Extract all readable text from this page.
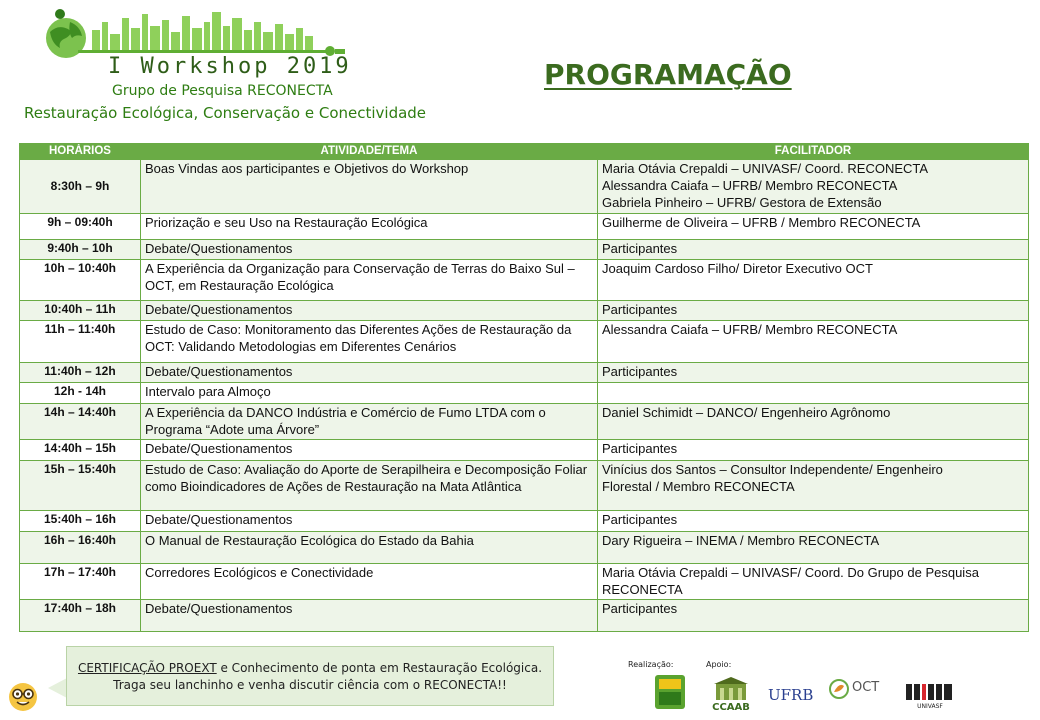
I Workshop 2019
Grupo de Pesquisa RECONECTA
Restauração Ecológica, Conservação e Conectividade
PROGRAMAÇÃO
HORÁRIOS	ATIVIDADE/TEMA	FACILITADOR
8:30h – 9h	Boas Vindas aos participantes e Objetivos do Workshop	Maria Otávia Crepaldi – UNIVASF/ Coord. RECONECTA
Alessandra Caiafa – UFRB/ Membro RECONECTA
Gabriela Pinheiro – UFRB/ Gestora de Extensão

9h – 09:40h	Priorização e seu Uso na Restauração Ecológica	Guilherme de Oliveira – UFRB / Membro RECONECTA

9:40h – 10h	Debate/Questionamentos	Participantes

10h – 10:40h	A Experiência da Organização para Conservação de Terras do Baixo Sul – OCT, em Restauração Ecológica	Joaquim Cardoso Filho/ Diretor Executivo OCT

10:40h – 11h	Debate/Questionamentos	Participantes

11h – 11:40h	Estudo de Caso: Monitoramento das Diferentes Ações de Restauração da OCT: Validando Metodologias em Diferentes Cenários	Alessandra Caiafa – UFRB/ Membro RECONECTA

11:40h – 12h	Debate/Questionamentos	Participantes

12h - 14h	Intervalo para Almoço	

14h – 14:40h	A Experiência da DANCO Indústria e Comércio de Fumo LTDA com o Programa “Adote uma Árvore”	Daniel Schimidt – DANCO/ Engenheiro Agrônomo

14:40h – 15h	Debate/Questionamentos	Participantes

15h – 15:40h	Estudo de Caso: Avaliação do Aporte de Serapilheira e Decomposição Foliar como Bioindicadores de Ações de Restauração na Mata Atlântica	Vinícius dos Santos – Consultor Independente/ Engenheiro
Florestal / Membro RECONECTA

15:40h – 16h	Debate/Questionamentos	Participantes

16h – 16:40h	O Manual de Restauração Ecológica do Estado da Bahia	Dary Rigueira – INEMA / Membro RECONECTA

17h – 17:40h	Corredores Ecológicos e Conectividade	Maria Otávia Crepaldi – UNIVASF/ Coord. Do Grupo de Pesquisa
RECONECTA

17:40h – 18h	Debate/Questionamentos	Participantes
CERTIFICAÇÃO PROEXT e Conhecimento de ponta em Restauração Ecológica.
Traga seu lanchinho e venha discutir ciência com o RECONECTA!!
Realização:	Apoio:
CCAAB
UFRB	OCT
UNIVASF
